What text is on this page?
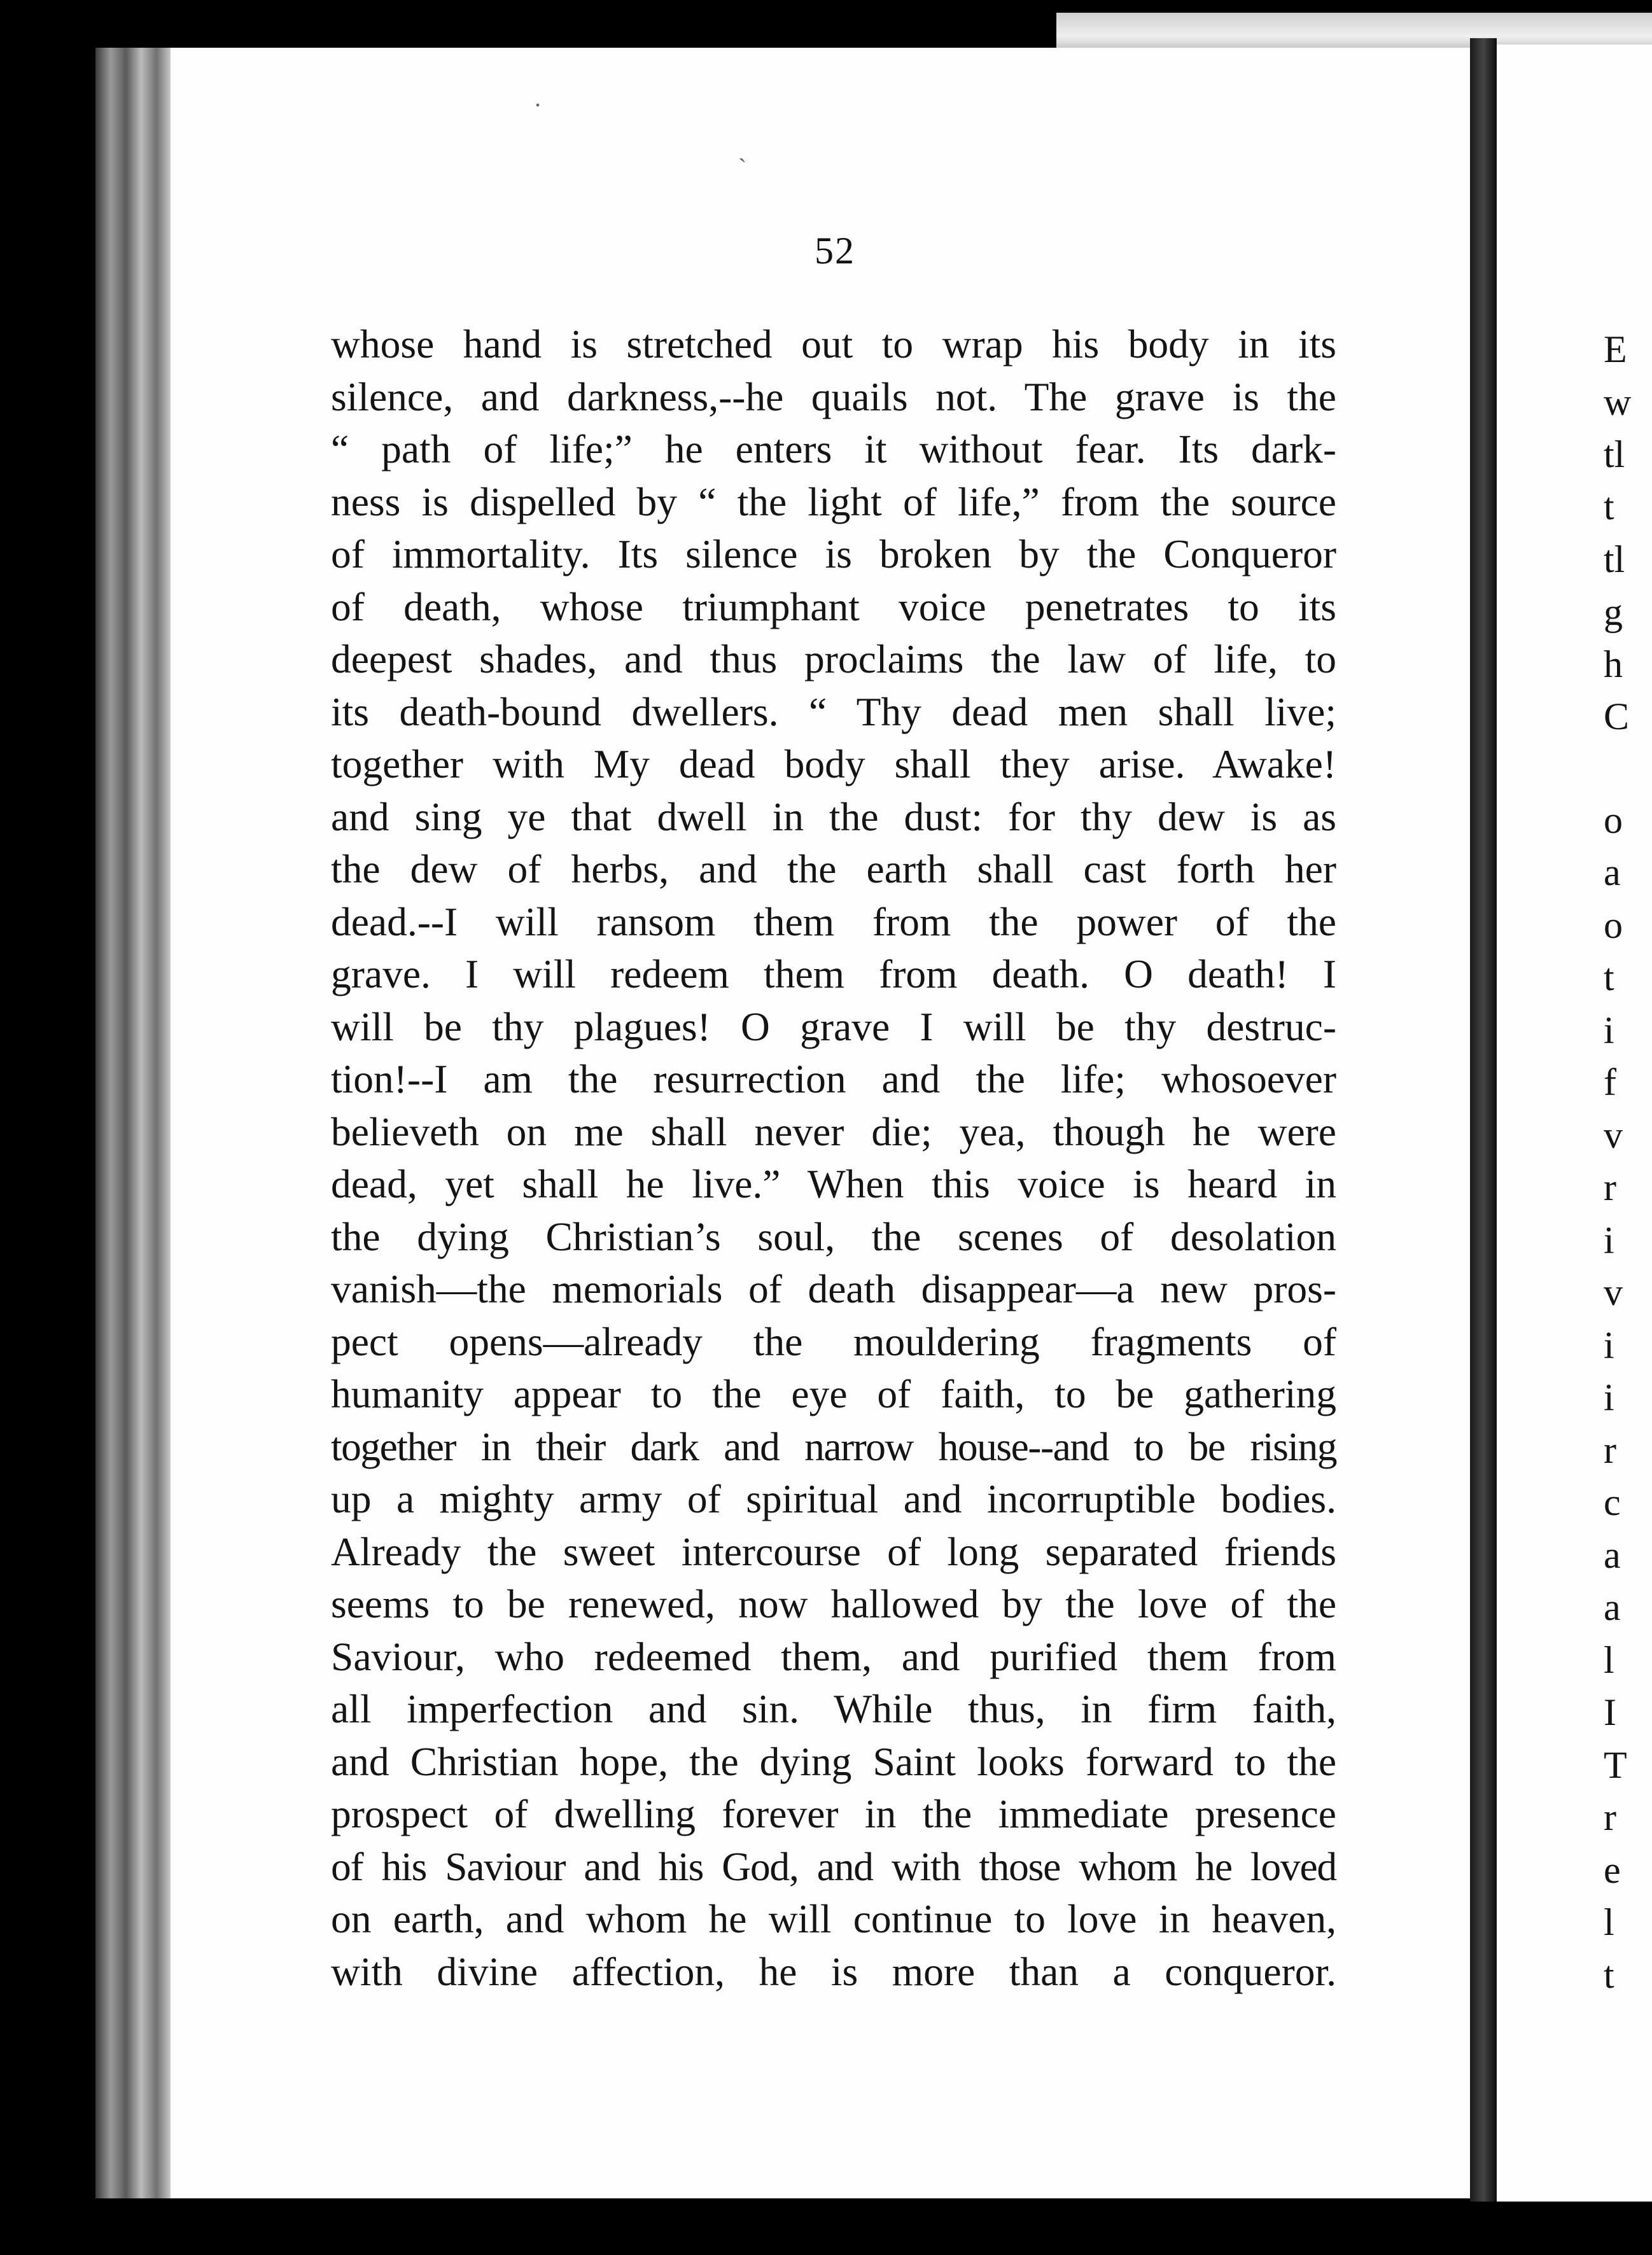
.
`
52
whose hand is stretched out to wrap his body in its
silence, and darkness,--he quails not. The grave is the
“ path of life;” he enters it without fear. Its dark-
ness is dispelled by “ the light of life,” from the source
of immortality. Its silence is broken by the Conqueror
of death, whose triumphant voice penetrates to its
deepest shades, and thus proclaims the law of life, to
its death-bound dwellers. “ Thy dead men shall live;
together with My dead body shall they arise. Awake!
and sing ye that dwell in the dust: for thy dew is as
the dew of herbs, and the earth shall cast forth her
dead.--I will ransom them from the power of the
grave. I will redeem them from death. O death! I
will be thy plagues! O grave I will be thy destruc-
tion!--I am the resurrection and the life; whosoever
believeth on me shall never die; yea, though he were
dead, yet shall he live.” When this voice is heard in
the dying Christian’s soul, the scenes of desolation
vanish—the memorials of death disappear—a new pros-
pect opens—already the mouldering fragments of
humanity appear to the eye of faith, to be gathering
together in their dark and narrow house--and to be rising
up a mighty army of spiritual and incorruptible bodies.
Already the sweet intercourse of long separated friends
seems to be renewed, now hallowed by the love of the
Saviour, who redeemed them, and purified them from
all imperfection and sin. While thus, in firm faith,
and Christian hope, the dying Saint looks forward to the
prospect of dwelling forever in the immediate presence
of his Saviour and his God, and with those whom he loved
on earth, and whom he will continue to love in heaven,
with divine affection, he is more than a conqueror.
E
w
tl
t
tl
g
h
C
o
a
o
t
i
f
v
r
i
v
i
i
r
c
a
a
l
I
T
r
e
l
t
